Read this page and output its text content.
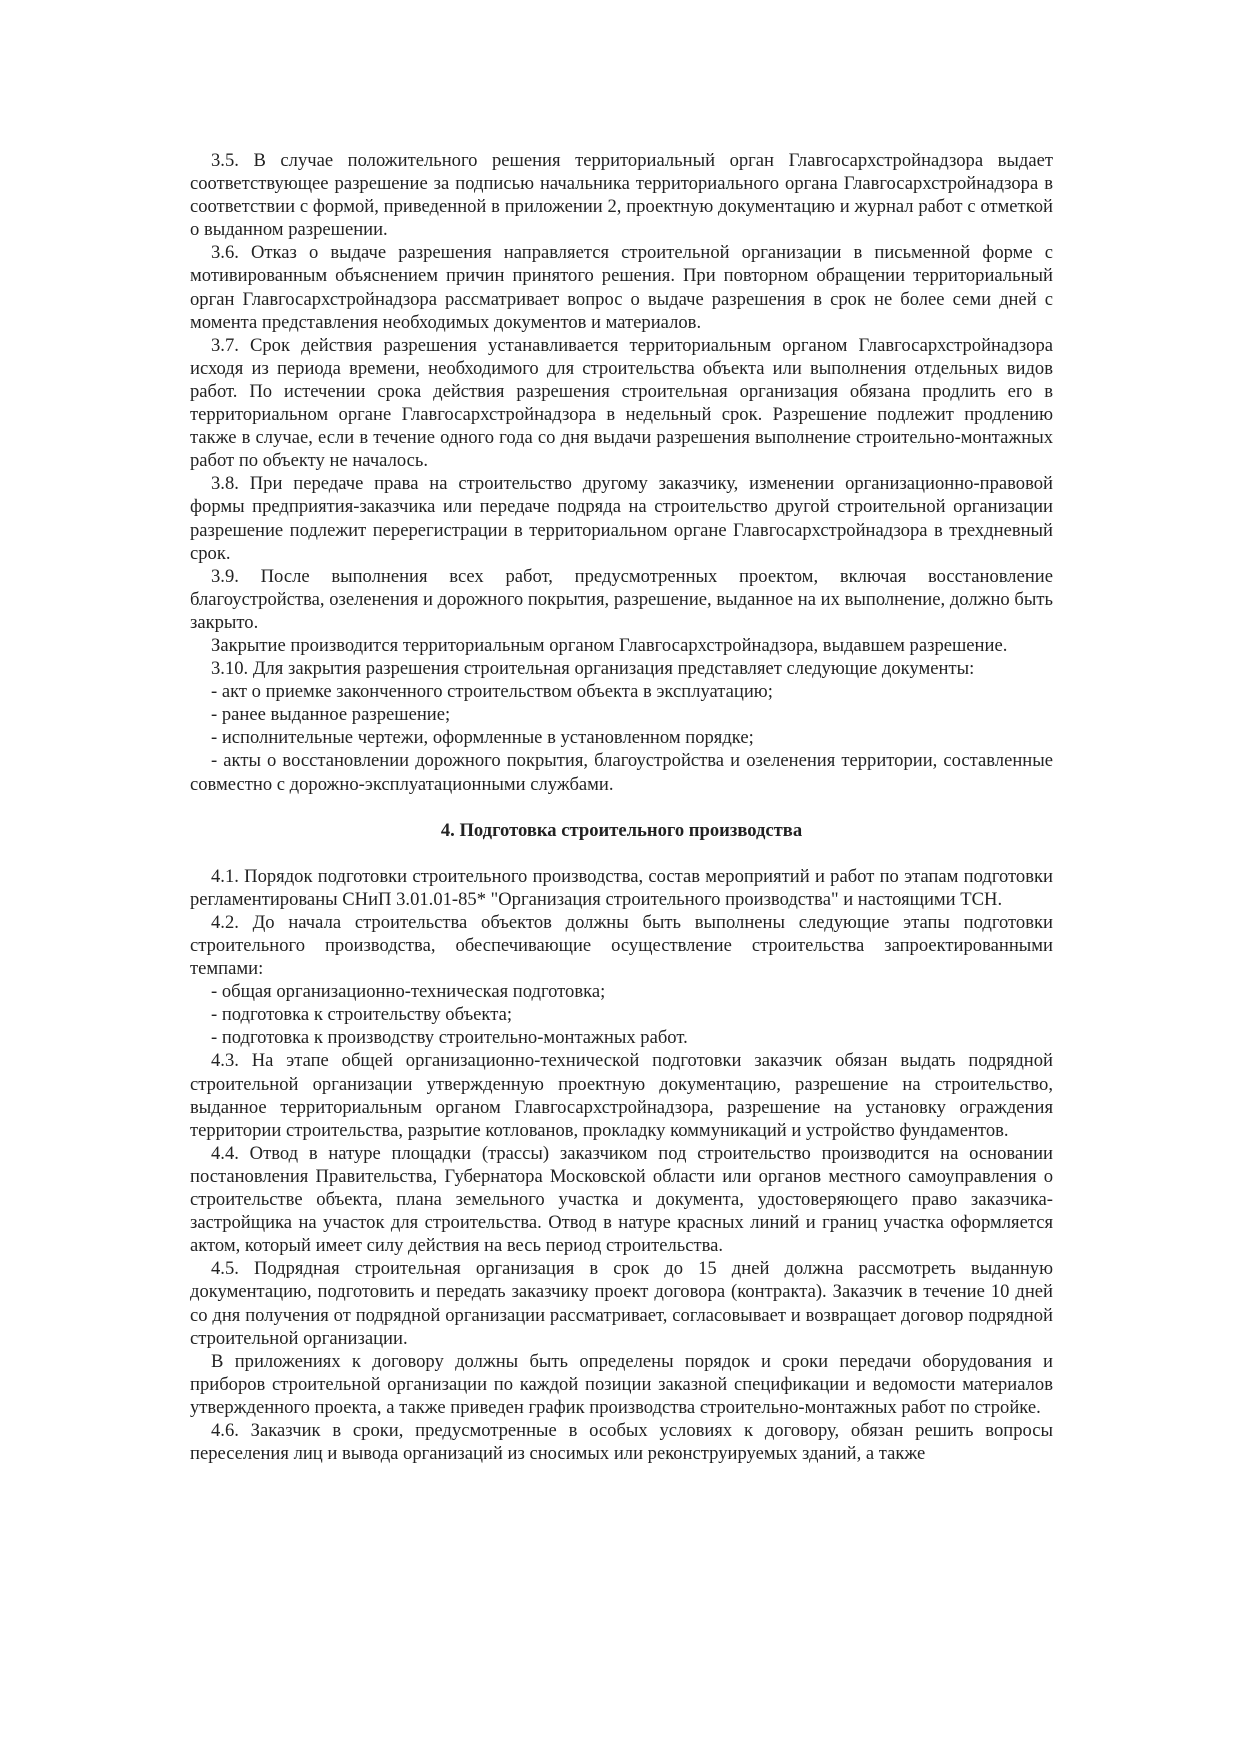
3.5. В случае положительного решения территориальный орган Главгосархстройнадзора выдает соответствующее разрешение за подписью начальника территориального органа Главгосархстройнадзора в соответствии с формой, приведенной в приложении 2, проектную документацию и журнал работ с отметкой о выданном разрешении.

3.6. Отказ о выдаче разрешения направляется строительной организации в письменной форме с мотивированным объяснением причин принятого решения. При повторном обращении территориальный орган Главгосархстройнадзора рассматривает вопрос о выдаче разрешения в срок не более семи дней с момента представления необходимых документов и материалов.

3.7. Срок действия разрешения устанавливается территориальным органом Главгосархстройнадзора исходя из периода времени, необходимого для строительства объекта или выполнения отдельных видов работ. По истечении срока действия разрешения строительная организация обязана продлить его в территориальном органе Главгосархстройнадзора в недельный срок. Разрешение подлежит продлению также в случае, если в течение одного года со дня выдачи разрешения выполнение строительно-монтажных работ по объекту не началось.

3.8. При передаче права на строительство другому заказчику, изменении организационно-правовой формы предприятия-заказчика или передаче подряда на строительство другой строительной организации разрешение подлежит перерегистрации в территориальном органе Главгосархстройнадзора в трехдневный срок.

3.9. После выполнения всех работ, предусмотренных проектом, включая восстановление благоустройства, озеленения и дорожного покрытия, разрешение, выданное на их выполнение, должно быть закрыто.

Закрытие производится территориальным органом Главгосархстройнадзора, выдавшем разрешение.

3.10. Для закрытия разрешения строительная организация представляет следующие документы:

- акт о приемке законченного строительством объекта в эксплуатацию;

- ранее выданное разрешение;

- исполнительные чертежи, оформленные в установленном порядке;

- акты о восстановлении дорожного покрытия, благоустройства и озеленения территории, составленные совместно с дорожно-эксплуатационными службами.

4. Подготовка строительного производства

4.1. Порядок подготовки строительного производства, состав мероприятий и работ по этапам подготовки регламентированы СНиП 3.01.01-85* "Организация строительного производства" и настоящими ТСН.

4.2. До начала строительства объектов должны быть выполнены следующие этапы подготовки строительного производства, обеспечивающие осуществление строительства запроектированными темпами:

- общая организационно-техническая подготовка;

- подготовка к строительству объекта;

- подготовка к производству строительно-монтажных работ.

4.3. На этапе общей организационно-технической подготовки заказчик обязан выдать подрядной строительной организации утвержденную проектную документацию, разрешение на строительство, выданное территориальным органом Главгосархстройнадзора, разрешение на установку ограждения территории строительства, разрытие котлованов, прокладку коммуникаций и устройство фундаментов.

4.4. Отвод в натуре площадки (трассы) заказчиком под строительство производится на основании постановления Правительства, Губернатора Московской области или органов местного самоуправления о строительстве объекта, плана земельного участка и документа, удостоверяющего право заказчика-застройщика на участок для строительства. Отвод в натуре красных линий и границ участка оформляется актом, который имеет силу действия на весь период строительства.

4.5. Подрядная строительная организация в срок до 15 дней должна рассмотреть выданную документацию, подготовить и передать заказчику проект договора (контракта). Заказчик в течение 10 дней со дня получения от подрядной организации рассматривает, согласовывает и возвращает договор подрядной строительной организации.

В приложениях к договору должны быть определены порядок и сроки передачи оборудования и приборов строительной организации по каждой позиции заказной спецификации и ведомости материалов утвержденного проекта, а также приведен график производства строительно-монтажных работ по стройке.

4.6. Заказчик в сроки, предусмотренные в особых условиях к договору, обязан решить вопросы переселения лиц и вывода организаций из сносимых или реконструируемых зданий, а также
